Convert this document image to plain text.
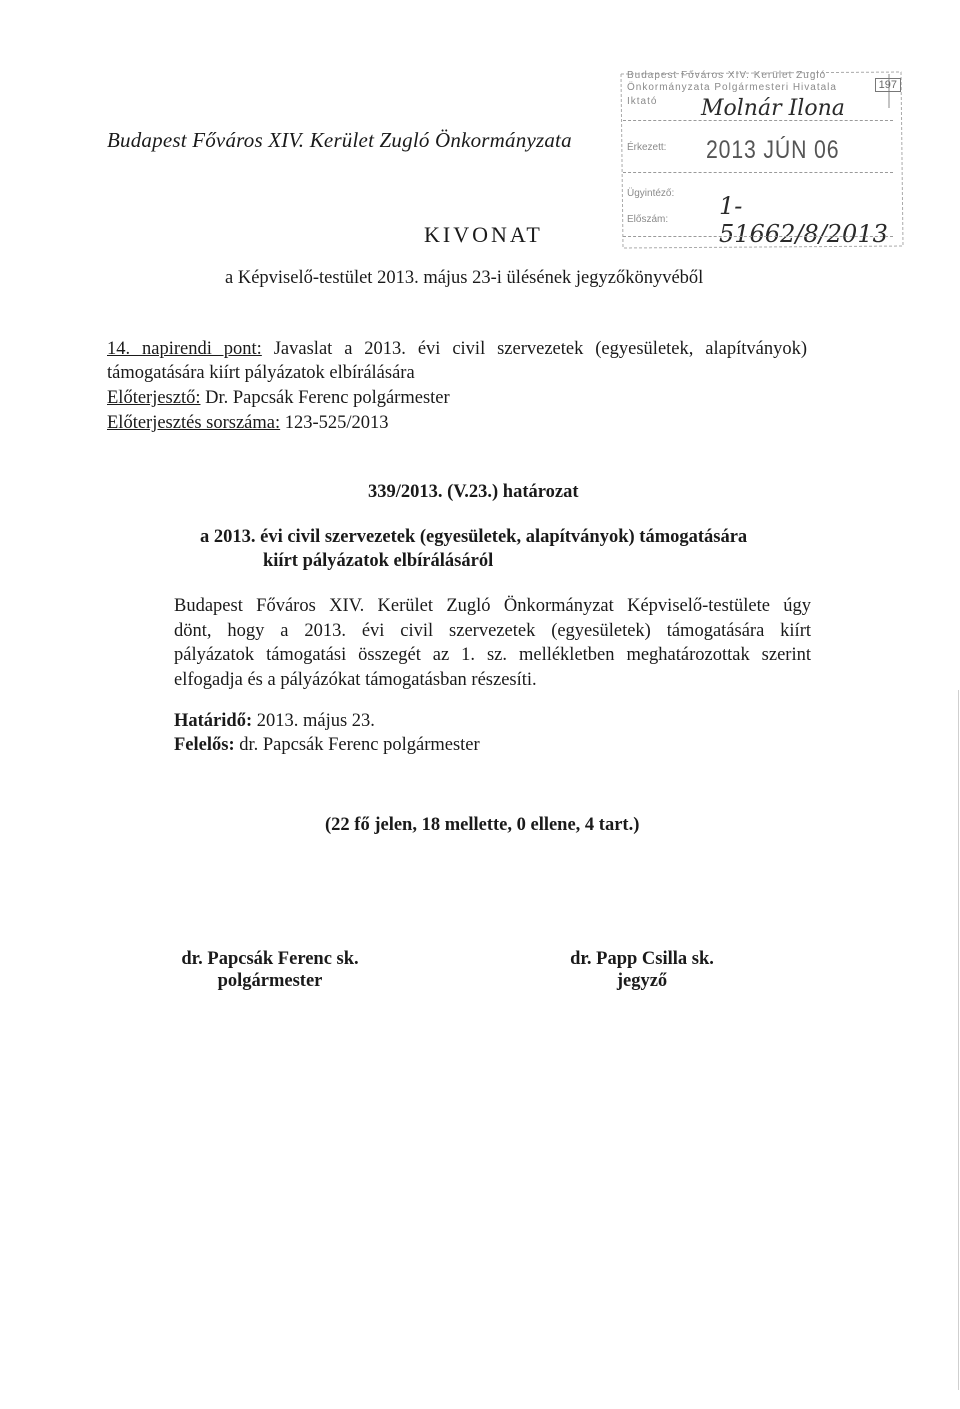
Budapest Főváros XIV. Kerület Zugló
Önkormányzata Polgármesteri Hivatala
Iktató
197
Molnár Ilona
Érkezett: 2013 JÚN 06
Ügyintéző:
Előszám: 1-51662/8/2013
Budapest Főváros XIV. Kerület Zugló Önkormányzata
KIVONAT
a Képviselő-testület 2013. május 23-i ülésének jegyzőkönyvéből
14. napirendi pont: Javaslat a 2013. évi civil szervezetek (egyesületek, alapítványok)
támogatására kiírt pályázatok elbírálására
Előterjesztő: Dr. Papcsák Ferenc polgármester
Előterjesztés sorszáma: 123-525/2013
339/2013. (V.23.) határozat
a 2013. évi civil szervezetek (egyesületek, alapítványok) támogatására
kiírt pályázatok elbírálásáról
Budapest Főváros XIV. Kerület Zugló Önkormányzat Képviselő-testülete úgy
dönt, hogy a 2013. évi civil szervezetek (egyesületek) támogatására kiírt
pályázatok támogatási összegét az 1. sz. mellékletben meghatározottak szerint
elfogadja és a pályázókat támogatásban részesíti.
Határidő: 2013. május 23.
Felelős: dr. Papcsák Ferenc polgármester
(22 fő jelen, 18 mellette, 0 ellene, 4 tart.)
dr. Papcsák Ferenc sk.
polgármester
dr. Papp Csilla sk.
jegyző
